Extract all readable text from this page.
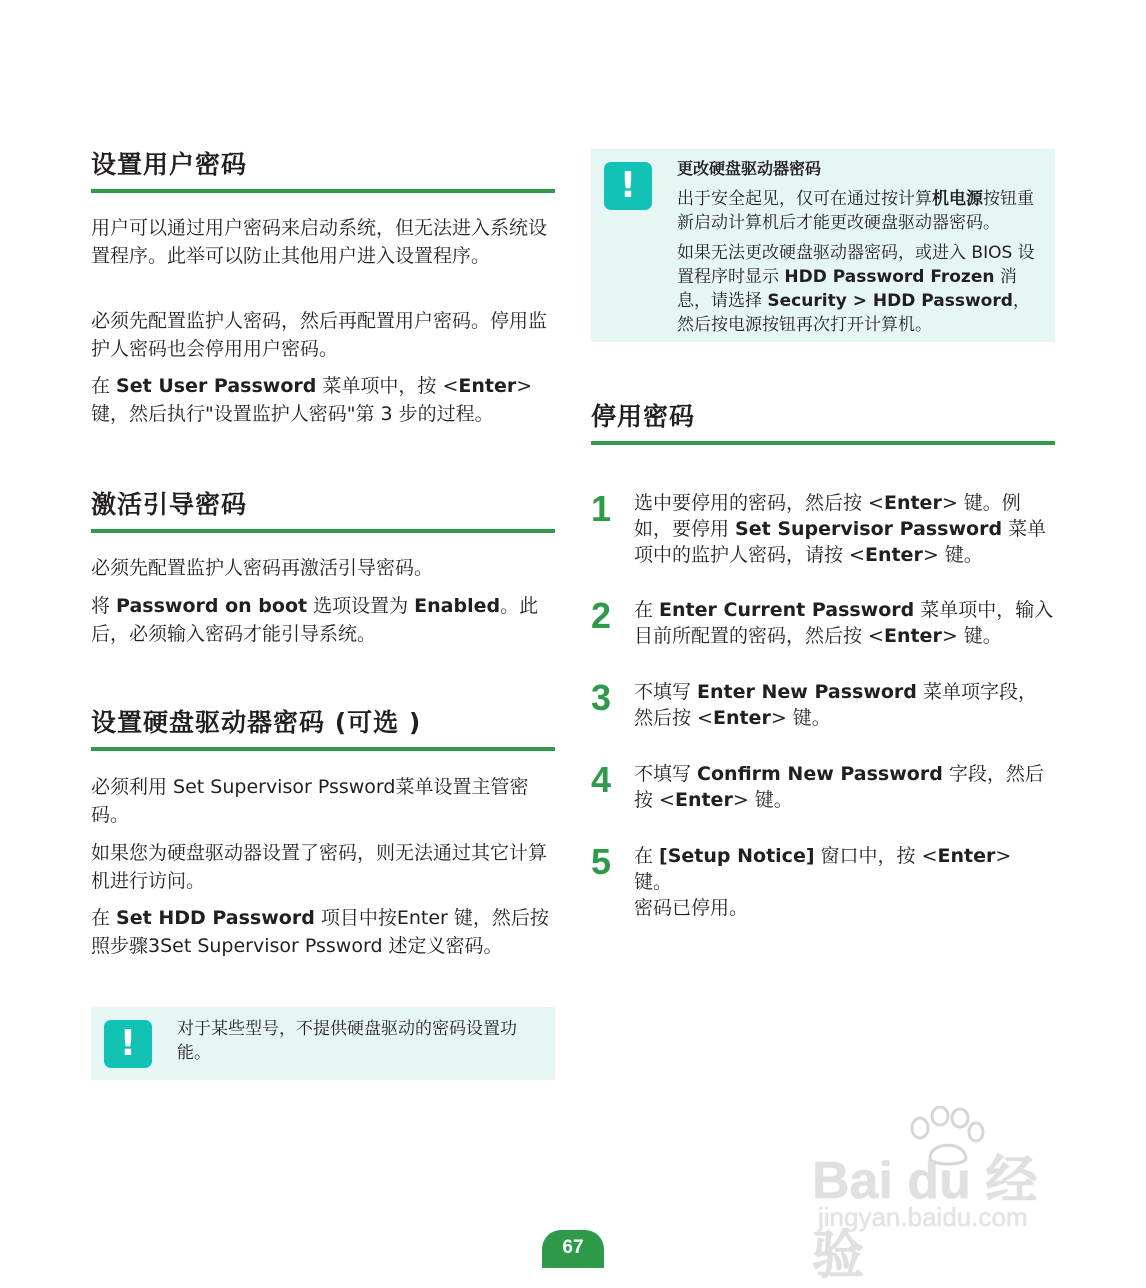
设置用户密码
用户可以通过用户密码来启动系统，但无法进入系统设置程序。此举可以防止其他用户进入设置程序。
必须先配置监护人密码，然后再配置用户密码。停用监护人密码也会停用用户密码。
在 Set User Password 菜单项中，按 <Enter> 键，然后执行"设置监护人密码"第 3 步的过程。
激活引导密码
必须先配置监护人密码再激活引导密码。
将 Password on boot 选项设置为 Enabled。此后，必须输入密码才能引导系统。
设置硬盘驱动器密码 (可选 )
必须利用 Set Supervisor Pssword菜单设置主管密码。
如果您为硬盘驱动器设置了密码，则无法通过其它计算机进行访问。
在 Set HDD Password 项目中按Enter 键，然后按照步骤3Set Supervisor Pssword 述定义密码。
!	对于某些型号，不提供硬盘驱动的密码设置功能。
!	更改硬盘驱动器密码
出于安全起见，仅可在通过按计算机电源按钮重新启动计算机后才能更改硬盘驱动器密码。
如果无法更改硬盘驱动器密码，或进入 BIOS 设置程序时显示 HDD Password Frozen 消息，请选择 Security > HDD Password，然后按电源按钮再次打开计算机。
停用密码
1 选中要停用的密码，然后按 <Enter> 键。例如，要停用 Set Supervisor Password 菜单项中的监护人密码，请按 <Enter> 键。
2 在 Enter Current Password 菜单项中，输入目前所配置的密码，然后按 <Enter> 键。
3 不填写 Enter New Password 菜单项字段，然后按 <Enter> 键。
4 不填写 Confirm New Password 字段，然后按 <Enter> 键。
5 在 [Setup Notice] 窗口中，按 <Enter> 键。
密码已停用。
Bai du 经验
jingyan.baidu.com
67
